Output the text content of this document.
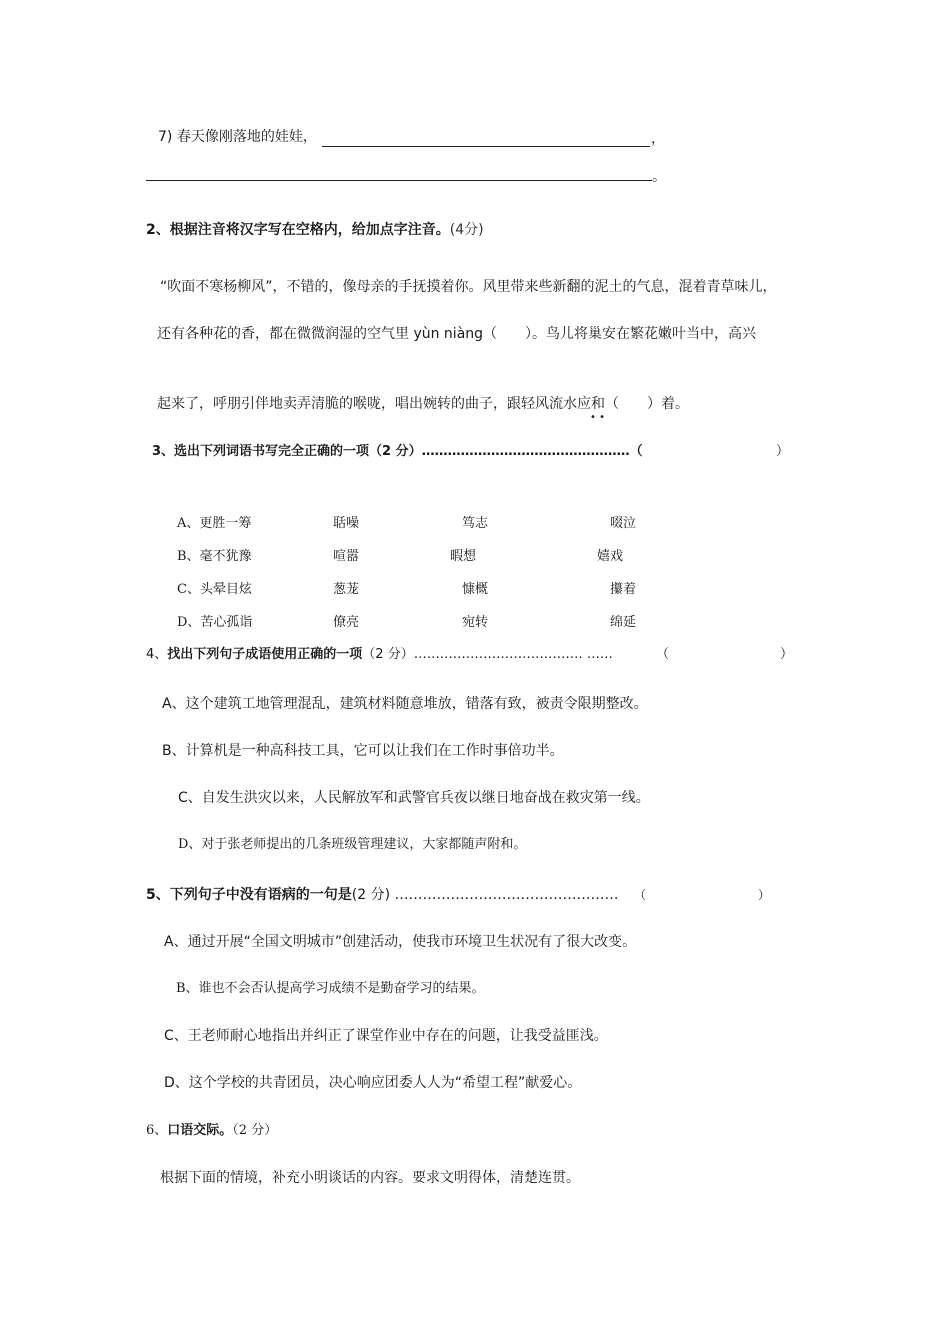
7) 春天像刚落地的娃娃，	，
。
2、根据注音将汉字写在空格内，给加点字注音。(4分)
“吹面不寒杨柳风”，不错的，像母亲的手抚摸着你。风里带来些新翻的泥土的气息，混着青草味儿，
还有各种花的香，都在微微润湿的空气里 yùn niàng（　　）。鸟儿将巢安在繁花嫩叶当中，高兴
起来了，呼朋引伴地卖弄清脆的喉咙，唱出婉转的曲子，跟轻风流水应和（　　）着。
• •
3、选出下列词语书写完全正确的一项（2 分）…………………………………………（	）
A、更胜一筹	聒噪	笃志	啜泣
B、毫不犹豫	喧嚣	暇想	嬉戏
C、头晕目炫	葱茏	慷概	攥着
D、苦心孤诣	僚亮	宛转	绵延
4、找出下列句子成语使用正确的一项（2 分）………………………………… ……	（	）
A、这个建筑工地管理混乱，建筑材料随意堆放，错落有致，被责令限期整改。
B、计算机是一种高科技工具，它可以让我们在工作时事倍功半。
C、自发生洪灾以来，人民解放军和武警官兵夜以继日地奋战在救灾第一线。
D、对于张老师提出的几条班级管理建议，大家都随声附和。
5、下列句子中没有语病的一句是(2 分) ………………………………………… （	）
A、通过开展“全国文明城市”创建活动，使我市环境卫生状况有了很大改变。
B、谁也不会否认提高学习成绩不是勤奋学习的结果。
C、王老师耐心地指出并纠正了课堂作业中存在的问题，让我受益匪浅。
D、这个学校的共青团员，决心响应团委人人为“希望工程”献爱心。
6、口语交际。（2 分）
根据下面的情境，补充小明谈话的内容。要求文明得体，清楚连贯。
